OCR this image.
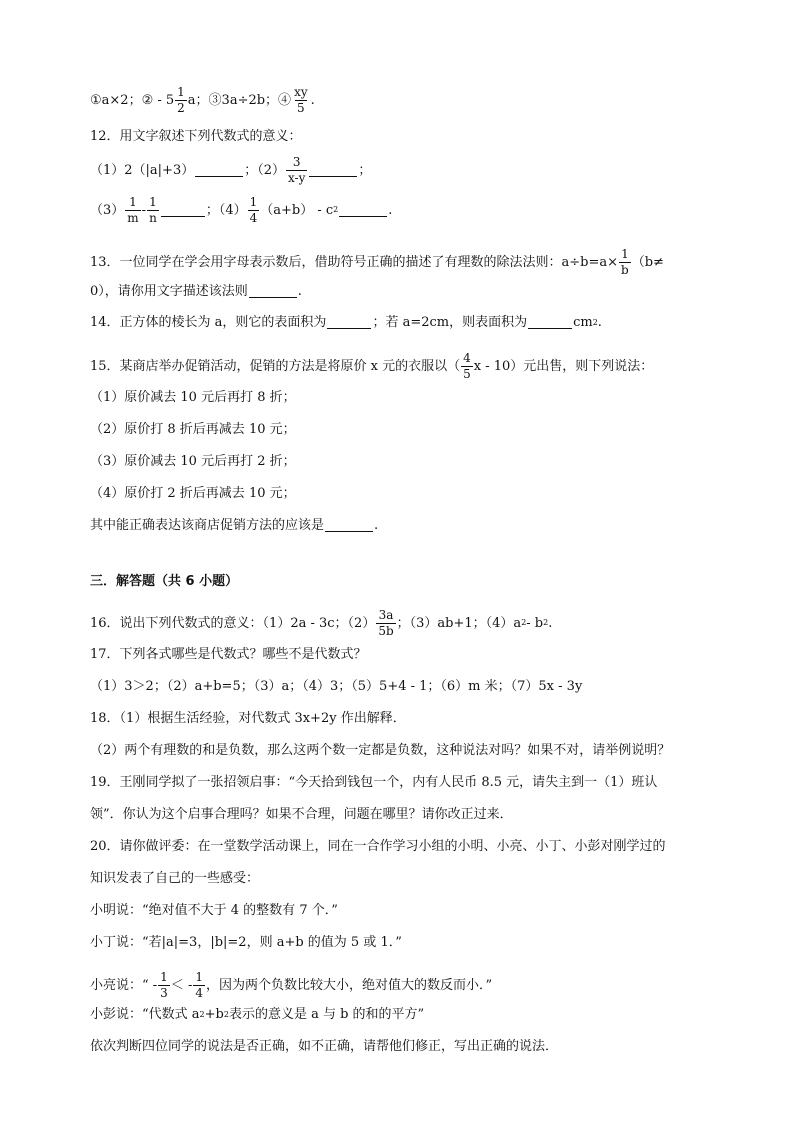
①a×2；② - $5 \frac{1}{2}$ a；③3a÷2b；④ $\frac{xy}{5}$ .
12．用文字叙述下列代数式的意义：
（1）2（|a|+3）	；$(2) \frac{3}{x-y}$	；
$(3) \frac{1}{m} - \frac{1}{n}$	；$(4) \frac{1}{4} (a+b) - c$ 2	.
13．一位同学在学会用字母表示数后，借助符号正确的描述了有理数的除法法则：$a\div b=a\times \frac{1}{b} (b\ne$
0），请你用文字描述该法则	.
14．正方体的棱长为 a，则它的表面积为	；若 a=2cm，则表面积为	cm 2 .
15．某商店举办促销活动，促销的方法是将原价 x 元的衣服以（ $\frac{4}{5}$ x - 10）元出售，则下列说法：
（1）原价减去 10 元后再打 8 折；
（2）原价打 8 折后再减去 10 元；
（3）原价减去 10 元后再打 2 折；
（4）原价打 2 折后再减去 10 元；
其中能正确表达该商店促销方法的应该是	.
三．解答题（共 6 小题）
16．说出下列代数式的意义：（1）2a - 3c；$(2) \frac{3a}{5b}$ ；（3）ab+1；（4）a 2 - b 2 .
17．下列各式哪些是代数式？哪些不是代数式？
（1）3＞2；（2）a+b=5；（3）a；（4）3；（5）5+4 - 1；（6）m 米；（7）5x - 3y
18．（1）根据生活经验，对代数式 3x+2y 作出解释．
（2）两个有理数的和是负数，那么这两个数一定都是负数，这种说法对吗？如果不对，请举例说明？
19．王刚同学拟了一张招领启事：“今天拾到钱包一个，内有人民币 8.5 元，请失主到一（1）班认
领”．你认为这个启事合理吗？如果不合理，问题在哪里？请你改正过来．
20．请你做评委：在一堂数学活动课上，同在一合作学习小组的小明、小亮、小丁、小彭对刚学过的
知识发表了自己的一些感受：
小明说：“绝对值不大于 4 的整数有 7 个．”
小丁说：“若|a|=3，|b|=2，则 a+b 的值为 5 或 1．”
小亮说：“ - $\frac{1}{3}$ ＜ - $\frac{1}{4}$ ，因为两个负数比较大小，绝对值大的数反而小．”
小彭说：“代数式 a 2 +b 2 表示的意义是 a 与 b 的和的平方”
依次判断四位同学的说法是否正确，如不正确，请帮他们修正，写出正确的说法．
